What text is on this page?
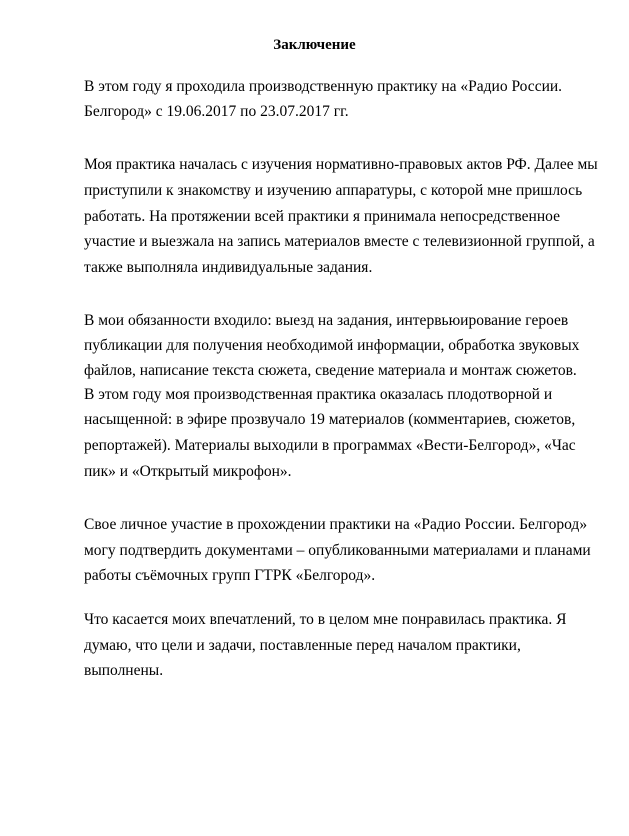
Заключение
В этом году я проходила производственную практику на «Радио России.
Белгород» с 19.06.2017 по 23.07.2017 гг.
Моя практика началась с изучения нормативно-правовых актов РФ. Далее мы
приступили к знакомству и изучению аппаратуры, с которой мне пришлось
работать. На протяжении всей практики я принимала непосредственное
участие и выезжала на запись материалов вместе с телевизионной группой, а
также выполняла индивидуальные задания.
В мои обязанности входило: выезд на задания, интервьюирование героев
публикации для получения необходимой информации, обработка звуковых
файлов, написание текста сюжета, сведение материала и монтаж сюжетов.
В этом году моя производственная практика оказалась плодотворной и
насыщенной: в эфире прозвучало 19 материалов (комментариев, сюжетов,
репортажей). Материалы выходили в программах «Вести-Белгород», «Час
пик» и «Открытый микрофон».
Свое личное участие в прохождении практики на «Радио России. Белгород»
могу подтвердить документами – опубликованными материалами и планами
работы съёмочных групп ГТРК «Белгород».
Что касается моих впечатлений, то в целом мне понравилась практика. Я
думаю, что цели и задачи, поставленные перед началом практики,
выполнены.
